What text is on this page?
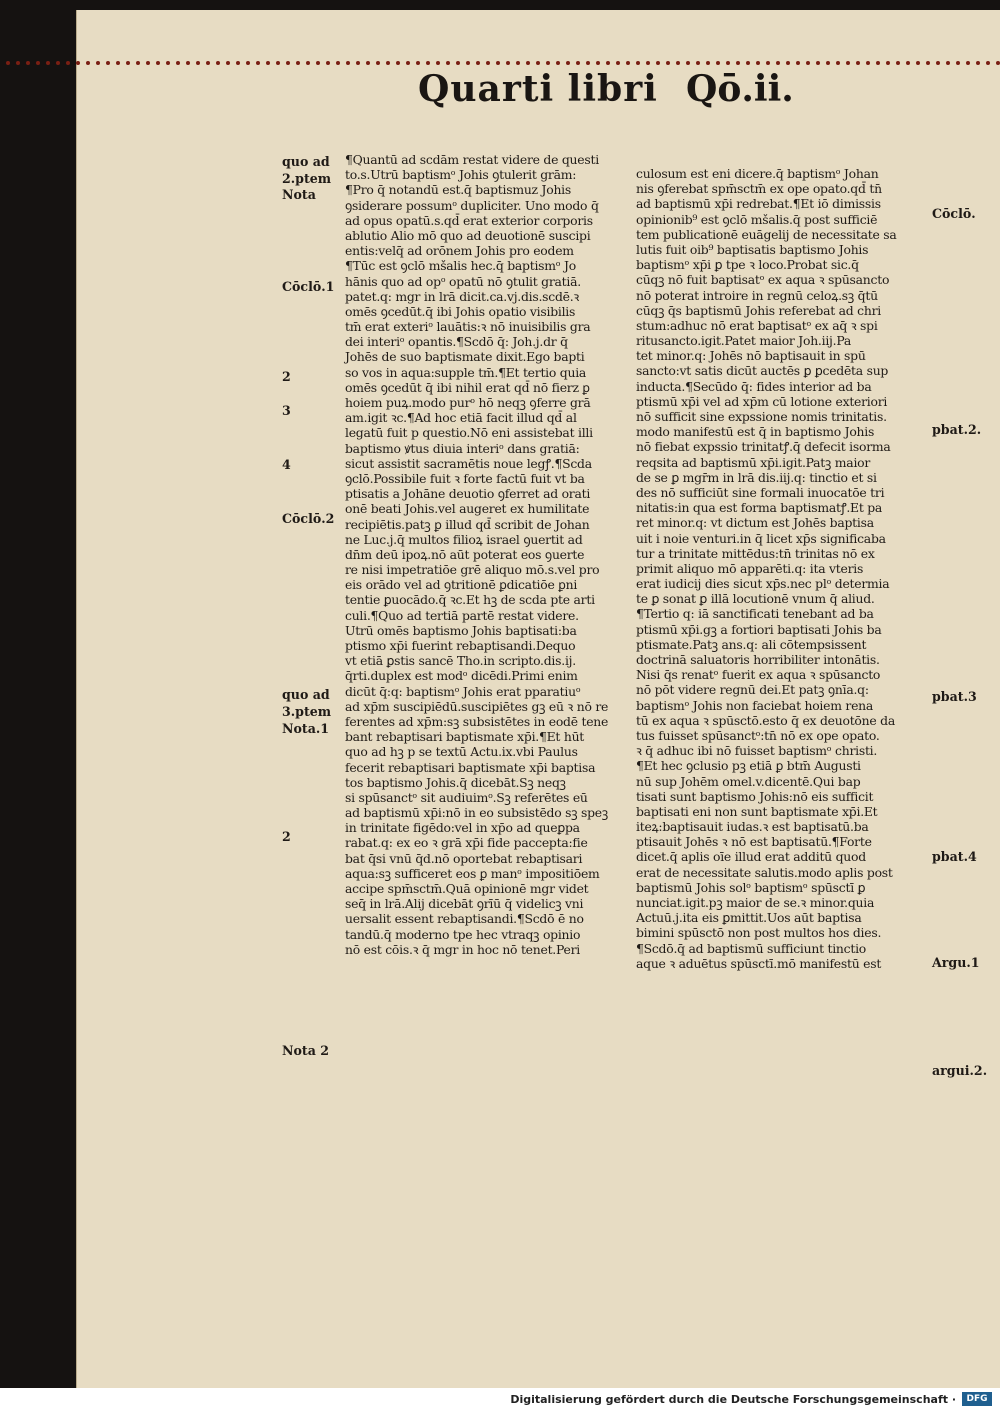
Quarti libri Qō.ii.
¶Quantū ad scdām restat videre de questi
to.s.Utrū baptismᵒ Johis ꝯtulerit grām:
¶Pro q̄ notandū est.q̄ baptismuz Johis
ꝯsiderare possumᵒ dupliciter. Uno modo q̄
ad opus opatū.s.qd̄ erat exterior corporis
ablutio Alio mō quo ad deuotionē suscipi
entis:velq̄ ad orōnem Johis pro eodem
¶Tūc est ꝯclō mšalis hec.q̄ baptismᵒ Jo
hānis quo ad opᵒ opatū nō ꝯtulit gratiā.
patet.q: mgr in lrā dicit.ca.vj.dis.scdē.ꝛ
omēs ꝯcedūt.q̄ ibi Johis opatio visibilis
tm̄ erat exteriᵒ lauātis:ꝛ nō inuisibilis gra
dei interiᵒ opantis.¶Scdō q̄: Joh.j.dr q̄
Johēs de suo baptismate dixit.Ego bapti
so vos in aqua:supple tm̄.¶Et tertio quia
omēs ꝯcedūt q̄ ibi nihil erat qd̄ nō fierz ꝑ
hoiem puꝝ.modo purᵒ hō neqꝫ ꝯferre grā
am.igit ꝛc.¶Ad hoc etiā facit illud qd̄ al
legatū fuit p questio.Nō eni assistebat illi
baptismo ꝟtus diuia interiᵒ dans gratiā:
sicut assistit sacramētis noue legꝭ.¶Scda
ꝯclō.Possibile fuit ꝛ forte factū fuit vt ba
ptisatis a Johāne deuotio ꝯferret ad orati
onē beati Johis.vel augeret ex humilitate
recipiētis.patꝫ ꝑ illud qd̄ scribit de Johan
ne Luc.j.q̄ multos filioꝝ israel ꝯuertit ad
dn̄m deū ipoꝝ.nō aūt poterat eos ꝯuerte
re nisi impetratiōe grē aliquo mō.s.vel pro
eis orādo vel ad ꝯtritionē ꝑdicatiōe ꝑni
tentie ꝑuocādo.q̄ ꝛc.Et hꝫ de scda pte arti
culi.¶Quo ad tertiā partē restat videre.
Utrū omēs baptismo Johis baptisati:ba
ptismo xp̄i fuerint rebaptisandi.Dequo
vt etiā ꝑstis sancē Tho.in scripto.dis.ij.
q̄rti.duplex est modᵒ dicēdi.Primi enim
dicūt q̄:q: baptismᵒ Johis erat pparatiuᵒ
ad xp̄m suscipiēdū.suscipiētes gꝫ eū ꝛ nō re
ferentes ad xp̄m:sꝫ subsistētes in eodē tene
bant rebaptisari baptismate xp̄i.¶Et hūt
quo ad hꝫ p se textū Actu.ix.vbi Paulus
fecerit rebaptisari baptismate xp̄i baptisa
tos baptismo Johis.q̄ dicebāt.Sꝫ neqꝫ
si spūsanctᵒ sit audiuimᵒ.Sꝫ referētes eū
ad baptismū xp̄i:nō in eo subsistēdo sꝫ speꝫ
in trinitate figēdo:vel in xp̄o ad queꝑpa
rabat.q: ex eo ꝛ grā xp̄i fide paccepta:fie
bat q̄si vnū q̄d.nō oportebat rebaptisari
aqua:sꝫ sufficeret eos ꝑ manᵒ impositiōem
accipe spm̄sctm̄.Quā opinionē mgr videt
seq̄ in lrā.Alij dicebāt ꝯrīū q̄ videlicꝫ vni
uersalit essent rebaptisandi.¶Scdō ē no
tandū.q̄ moderno tpe hec vtraqꝫ opinio
nō est cōis.ꝛ q̄ mgr in hoc nō tenet.Peri
culosum est eni dicere.q̄ baptismᵒ Johan
nis ꝯferebat spm̄sctm̄ ex ope opato.qd̄ tn̄
ad baptismū xp̄i redrebat.¶Et iō dimissis
opinionib⁹ est ꝯclō mšalis.q̄ post sufficiē
tem publicationē euāgelij de necessitate sa
lutis fuit oib⁹ baptisatis baptismo Johis
baptismᵒ xp̄i ꝑ tpe ꝛ loco.Probat sic.q̄
cūqꝫ nō fuit baptisatᵒ ex aqua ꝛ spūsancto
nō poterat introire in regnū celoꝝ.sꝫ q̄tū
cūqꝫ q̄s baptismū Johis referebat ad chri
stum:adhuc nō erat baptisatᵒ ex aq̄ ꝛ spi
ritusancto.igit.Patet maior Joh.iij.Pa
tet minor.q: Johēs nō baptisauit in spū
sancto:vt satis dicūt auctēs ꝑ ꝑcedēta sup
inducta.¶Secūdo q̄: fides interior ad ba
ptismū xp̄i vel ad xp̄m cū lotione exteriori
nō sufficit sine expssione nomis trinitatis.
modo manifestū est q̄ in baptismo Johis
nō fiebat expssio trinitatꝭ.q̄ defecit isorma
reqsita ad baptismū xp̄i.igit.Patꝫ maior
de se ꝑ mgr̄m in lrā dis.iij.q: tinctio et si
des nō sufficiūt sine formali inuocatōe tri
nitatis:in qua est forma baptismatꝭ.Et pa
ret minor.q: vt dictum est Johēs baptisa
uit i noie venturi.in q̄ licet xp̄s significaba
tur a trinitate mittēdus:tn̄ trinitas nō ex
primit aliquo mō apparēti.q: ita vteris
erat iudicij dies sicut xp̄s.nec plᵒ determia
te ꝑ sonat ꝑ illā locutionē vnum q̄ aliud.
¶Tertio q: iā sanctificati tenebant ad ba
ptismū xp̄i.gꝫ a fortiori baptisati Johis ba
ptismate.Patꝫ ans.q: ali cōtempsissent
doctrinā saluatoris horribiliter intonātis.
Nisi q̄s renatᵒ fuerit ex aqua ꝛ spūsancto
nō pōt videre regnū dei.Et patꝫ ꝯnīa.q:
baptismᵒ Johis non faciebat hoiem rena
tū ex aqua ꝛ spūsctō.esto q̄ ex deuotōne da
tus fuisset spūsanctᵒ:tn̄ nō ex ope opato.
ꝛ q̄ adhuc ibi nō fuisset baptismᵒ christi.
¶Et hec ꝯclusio pꝫ etiā ꝑ btm̄ Augusti
nū sup Johēm omel.v.dicentē.Qui bap
tisati sunt baptismo Johis:nō eis sufficit
baptisati eni non sunt baptismate xp̄i.Et
iteꝝ:baptisauit iudas.ꝛ est baptisatū.ba
ptisauit Johēs ꝛ nō est baptisatū.¶Forte
dicet.q̄ aplis oīe illud erat additū quod
erat de necessitate salutis.modo aplis post
baptismū Johis solᵒ baptismᵒ spūsctī ꝑ
nunciat.igit.pꝫ maior de se.ꝛ minor.quia
Actuū.j.ita eis ꝑmittit.Uos aūt baptisa
bimini spūsctō non post multos hos dies.
¶Scdō.q̄ ad baptismū sufficiunt tinctio
aque ꝛ aduētus spūsctī.mō manifestū est
quo ad
2.ptem
Nota
Cōclō.1
2
3
4
Cōclō.2
quo ad
3.ptem
Nota.1
2
Nota 2
Cōclō.
pbat.2.
pbat.3
pbat.4
Argu.1
argui.2.
Digitalisierung gefördert durch die Deutsche Forschungsgemeinschaft ·	DFG
